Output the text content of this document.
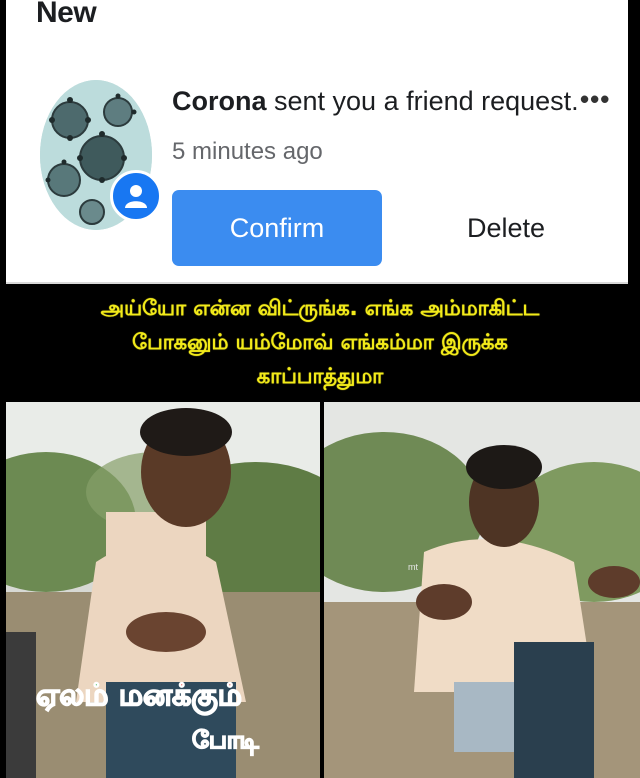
New
Corona sent you a friend request. •••
5 minutes ago
Confirm	Delete
அய்யோ என்ன விட்ருங்க. எங்க அம்மாகிட்ட
போகனும் யம்மோவ் எங்கம்மா இருக்க
காப்பாத்துமா
mt
ஏலம் மனக்கும்
போடி
